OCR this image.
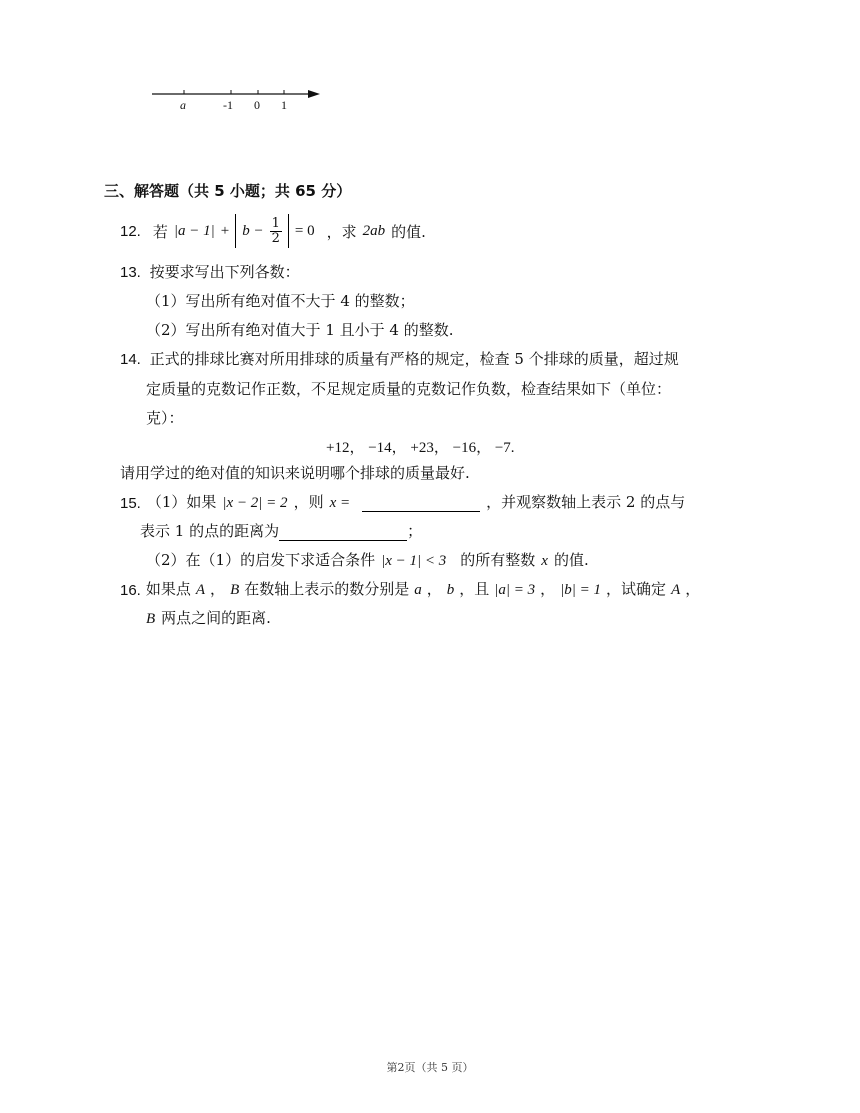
a	-1 0 1
三、解答题（共 5 小题；共 65 分）
12. 若 $|a - 1| + b - \frac{1}{2} = 0$ ，求 2ab 的值.
13. 按要求写出下列各数：
（1）写出所有绝对值不大于 4 的整数；
（2）写出所有绝对值大于 1 且小于 4 的整数.
14. 正式的排球比赛对所用排球的质量有严格的规定，检查 5 个排球的质量，超过规
定质量的克数记作正数，不足规定质量的克数记作负数，检查结果如下（单位：
克）：
+12， −14， +23， −16， −7.
请用学过的绝对值的知识来说明哪个排球的质量最好.
15. （1）如果 |x − 2| = 2 ，则 x =	，并观察数轴上表示 2 的点与
表示 1 的点的距离为	；
（2）在（1）的启发下求适合条件 |x − 1| < 3 的所有整数 x 的值.
16. 如果点 A ， B 在数轴上表示的数分别是 a ， b ，且 |a| = 3 ， |b| = 1 ，试确定 A ，
B 两点之间的距离.
第2页（共 5 页）
